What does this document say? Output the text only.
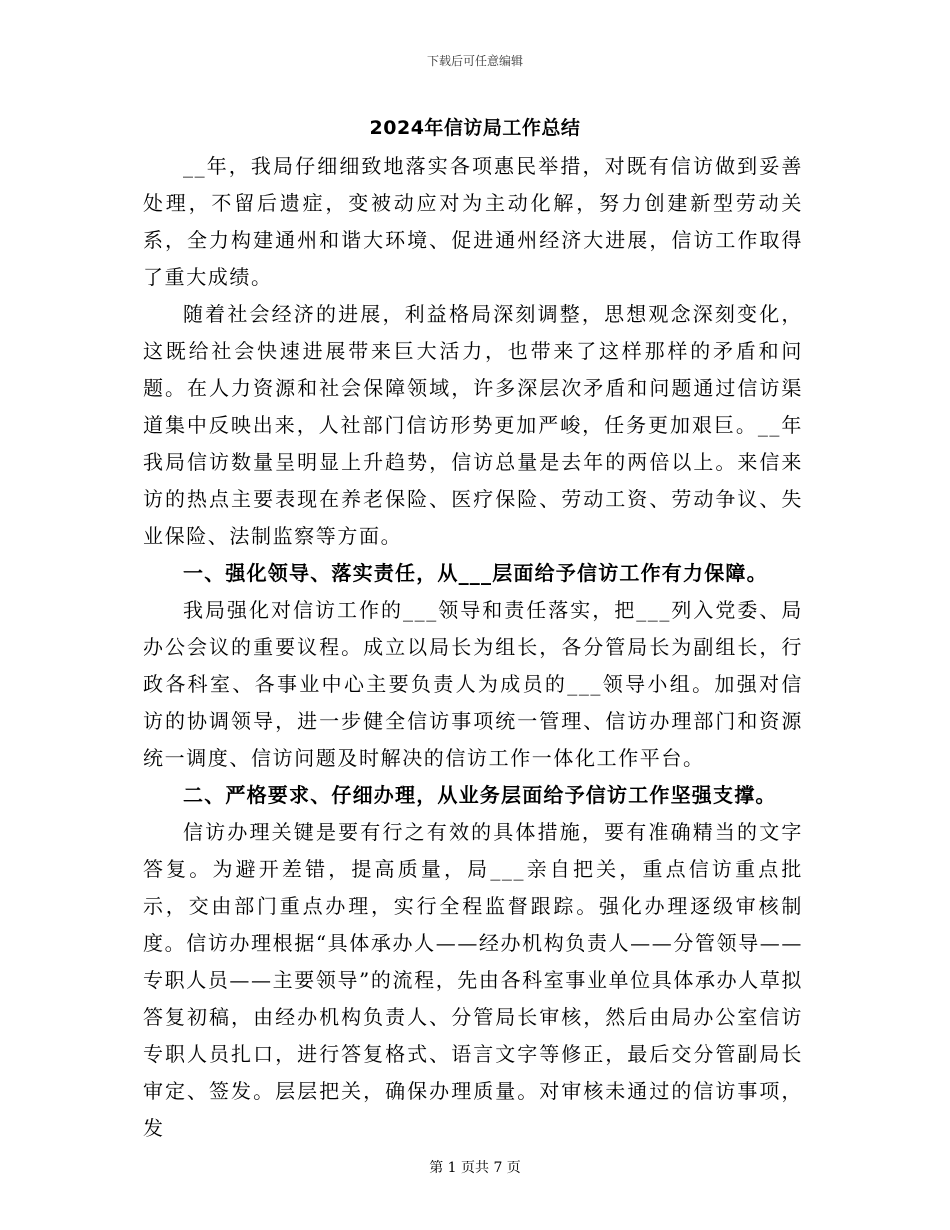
下载后可任意编辑
2024年信访局工作总结

__年，我局仔细细致地落实各项惠民举措，对既有信访做到妥善处理，不留后遗症，变被动应对为主动化解，努力创建新型劳动关系，全力构建通州和谐大环境、促进通州经济大进展，信访工作取得了重大成绩。

随着社会经济的进展，利益格局深刻调整，思想观念深刻变化，这既给社会快速进展带来巨大活力，也带来了这样那样的矛盾和问题。在人力资源和社会保障领域，许多深层次矛盾和问题通过信访渠道集中反映出来，人社部门信访形势更加严峻，任务更加艰巨。__年我局信访数量呈明显上升趋势，信访总量是去年的两倍以上。来信来访的热点主要表现在养老保险、医疗保险、劳动工资、劳动争议、失业保险、法制监察等方面。

一、强化领导、落实责任，从___层面给予信访工作有力保障。

我局强化对信访工作的___领导和责任落实，把___列入党委、局办公会议的重要议程。成立以局长为组长，各分管局长为副组长，行政各科室、各事业中心主要负责人为成员的___领导小组。加强对信访的协调领导，进一步健全信访事项统一管理、信访办理部门和资源统一调度、信访问题及时解决的信访工作一体化工作平台。

二、严格要求、仔细办理，从业务层面给予信访工作坚强支撑。

信访办理关键是要有行之有效的具体措施，要有准确精当的文字答复。为避开差错，提高质量，局___亲自把关，重点信访重点批示，交由部门重点办理，实行全程监督跟踪。强化办理逐级审核制度。信访办理根据“具体承办人——经办机构负责人——分管领导——专职人员——主要领导”的流程，先由各科室事业单位具体承办人草拟答复初稿，由经办机构负责人、分管局长审核，然后由局办公室信访专职人员扎口，进行答复格式、语言文字等修正，最后交分管副局长审定、签发。层层把关，确保办理质量。对审核未通过的信访事项，发

第 1 页共 7 页
